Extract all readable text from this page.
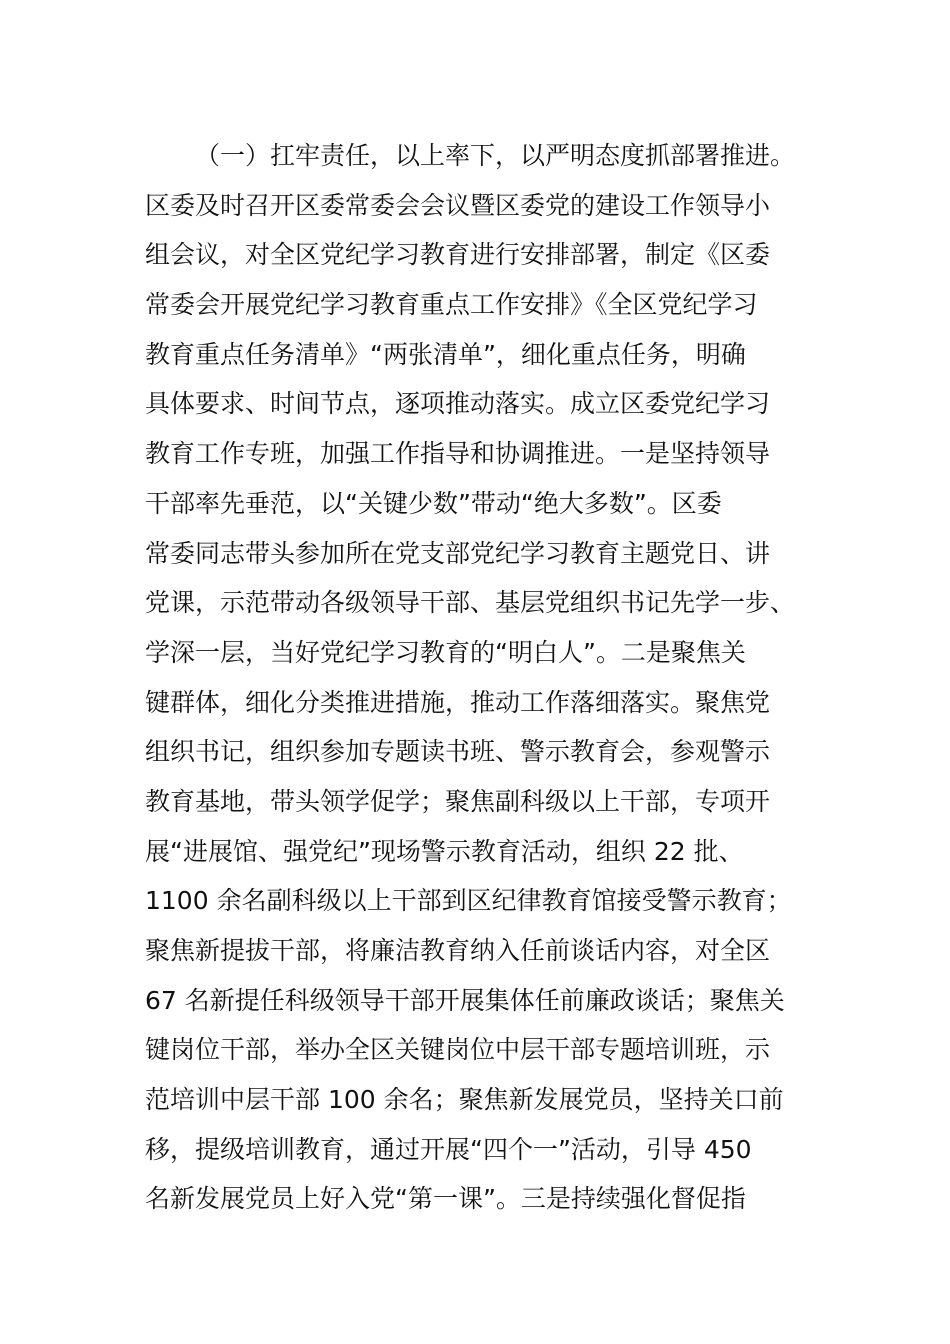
（一）扛牢责任，以上率下，以严明态度抓部署推进。
区委及时召开区委常委会会议暨区委党的建设工作领导小
组会议，对全区党纪学习教育进行安排部署，制定《区委
常委会开展党纪学习教育重点工作安排》《全区党纪学习
教育重点任务清单》“两张清单”，细化重点任务，明确
具体要求、时间节点，逐项推动落实。成立区委党纪学习
教育工作专班，加强工作指导和协调推进。一是坚持领导
干部率先垂范，以“关键少数”带动“绝大多数”。区委
常委同志带头参加所在党支部党纪学习教育主题党日、讲
党课，示范带动各级领导干部、基层党组织书记先学一步、
学深一层，当好党纪学习教育的“明白人”。二是聚焦关
键群体，细化分类推进措施，推动工作落细落实。聚焦党
组织书记，组织参加专题读书班、警示教育会，参观警示
教育基地，带头领学促学；聚焦副科级以上干部，专项开
展“进展馆、强党纪”现场警示教育活动，组织 22 批、
1100 余名副科级以上干部到区纪律教育馆接受警示教育；
聚焦新提拔干部，将廉洁教育纳入任前谈话内容，对全区
67 名新提任科级领导干部开展集体任前廉政谈话；聚焦关
键岗位干部，举办全区关键岗位中层干部专题培训班，示
范培训中层干部 100 余名；聚焦新发展党员，坚持关口前
移，提级培训教育，通过开展“四个一”活动，引导 450
名新发展党员上好入党“第一课”。三是持续强化督促指
